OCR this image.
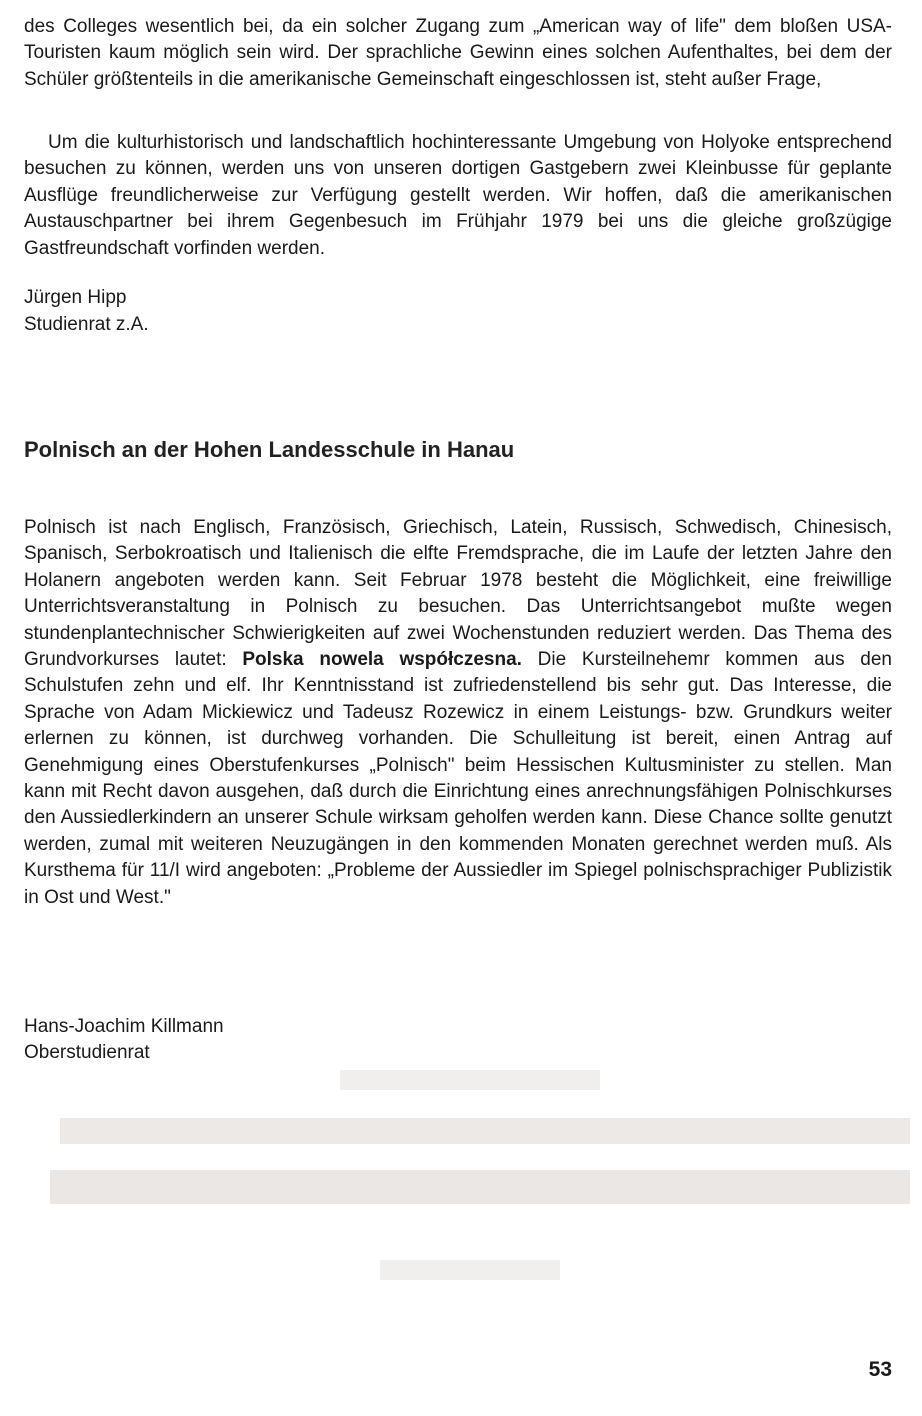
des Colleges wesentlich bei, da ein solcher Zugang zum „American way of life" dem bloßen USA-Touristen kaum möglich sein wird. Der sprachliche Gewinn eines solchen Aufenthaltes, bei dem der Schüler größtenteils in die amerikanische Gemeinschaft eingeschlossen ist, steht außer Frage,

Um die kulturhistorisch und landschaftlich hochinteressante Umgebung von Holyoke entsprechend besuchen zu können, werden uns von unseren dortigen Gastgebern zwei Kleinbusse für geplante Ausflüge freundlicherweise zur Verfügung gestellt werden. Wir hoffen, daß die amerikanischen Austauschpartner bei ihrem Gegenbesuch im Frühjahr 1979 bei uns die gleiche großzügige Gastfreundschaft vorfinden werden.

Jürgen Hipp

Studienrat z.A.

Polnisch an der Hohen Landesschule in Hanau

Polnisch ist nach Englisch, Französisch, Griechisch, Latein, Russisch, Schwedisch, Chinesisch, Spanisch, Serbokroatisch und Italienisch die elfte Fremdsprache, die im Laufe der letzten Jahre den Holanern angeboten werden kann. Seit Februar 1978 besteht die Möglichkeit, eine freiwillige Unterrichtsveranstaltung in Polnisch zu besuchen. Das Unterrichtsangebot mußte wegen stundenplantechnischer Schwierigkeiten auf zwei Wochenstunden reduziert werden. Das Thema des Grundvorkurses lautet: Polska nowela współczesna. Die Kursteilnehemr kommen aus den Schulstufen zehn und elf. Ihr Kenntnisstand ist zufriedenstellend bis sehr gut. Das Interesse, die Sprache von Adam Mickiewicz und Tadeusz Rozewicz in einem Leistungs- bzw. Grundkurs weiter erlernen zu können, ist durchweg vorhanden. Die Schulleitung ist bereit, einen Antrag auf Genehmigung eines Oberstufenkurses „Polnisch" beim Hessischen Kultusminister zu stellen. Man kann mit Recht davon ausgehen, daß durch die Einrichtung eines anrechnungsfähigen Polnischkurses den Aussiedlerkindern an unserer Schule wirksam geholfen werden kann. Diese Chance sollte genutzt werden, zumal mit weiteren Neuzugängen in den kommenden Monaten gerechnet werden muß. Als Kursthema für 11/I wird angeboten: „Probleme der Aussiedler im Spiegel polnischsprachiger Publizistik in Ost und West."

Hans-Joachim Killmann

Oberstudienrat

53
